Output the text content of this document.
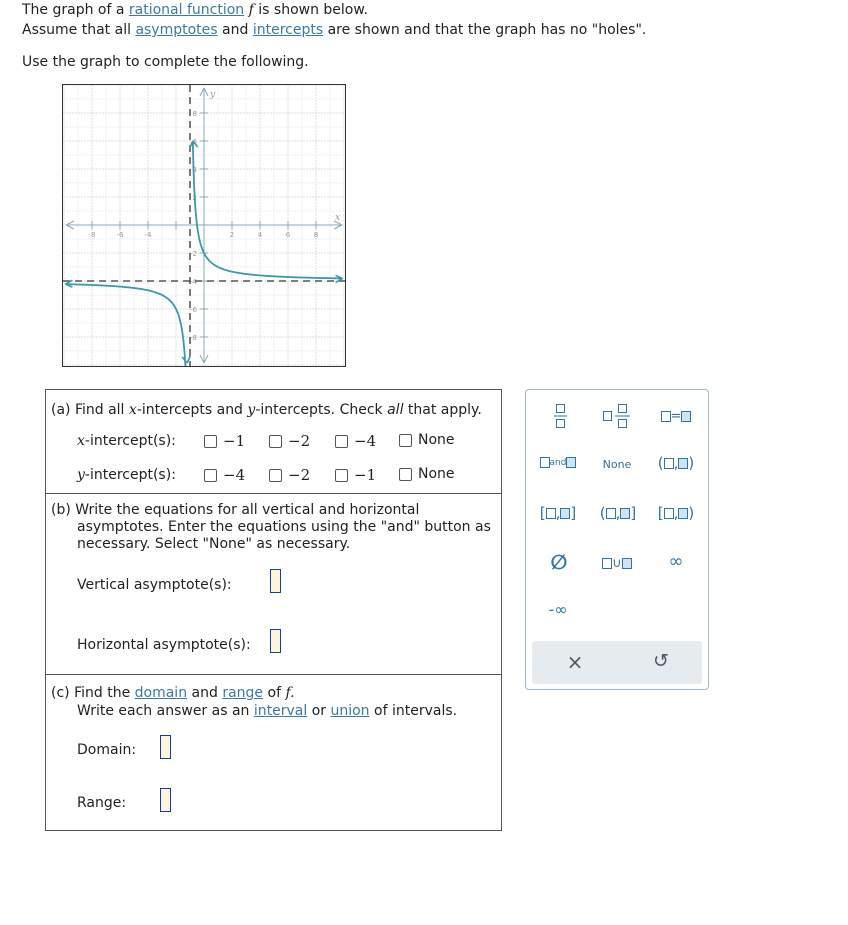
The graph of a rational function f is shown below.
Assume that all asymptotes and intercepts are shown and that the graph has no "holes".
Use the graph to complete the following.
-8	-6	-4	2	4	6	8
8
6
4
2
-2
-4
-6
-8
x
y
(a) Find all x-intercepts and y-intercepts. Check all that apply.
x-intercept(s):	−1	−2	−4	None
y-intercept(s):	−4	−2	−1	None
(b) Write the equations for all vertical and horizontal
asymptotes. Enter the equations using the "and" button as
necessary. Select "None" as necessary.
Vertical asymptote(s):
Horizontal asymptote(s):
(c) Find the domain and range of f.
Write each answer as an interval or union of intervals.
Domain:
Range:
=
and	None	( , )
[ , ]	( , ]	[ , )
∅	∪	∞
-∞
×	↺
